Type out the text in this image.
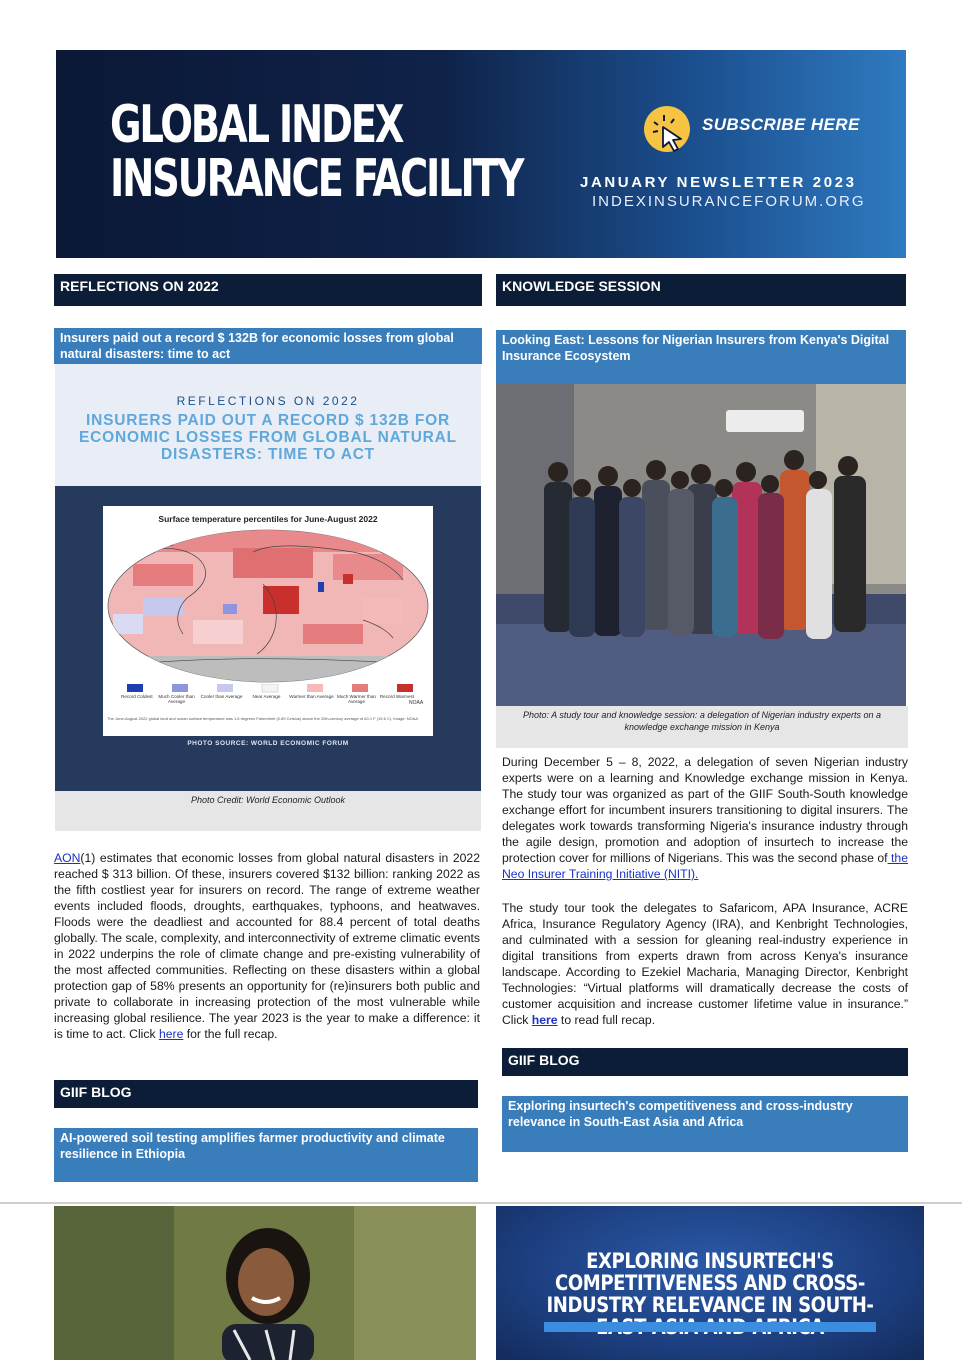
GLOBAL INDEX
INSURANCE FACILITY
SUBSCRIBE HERE
JANUARY NEWSLETTER 2023
INDEXINSURANCEFORUM.ORG
REFLECTIONS ON 2022
Insurers paid out a record $ 132B for economic losses from global natural disasters: time to act
REFLECTIONS ON 2022
INSURERS PAID OUT A RECORD $ 132B FOR ECONOMIC LOSSES FROM GLOBAL NATURAL DISASTERS: TIME TO ACT
Surface temperature percentiles for June-August 2022
Record Coldest	Much Cooler than Average
Cooler than Average	Near Average	Warmer than Average Much Warmer than Average
Record Warmest
NOAA
The June-August 2022 global land and ocean surface temperature was 1.6 degrees Fahrenheit (0.89 Celsius) above the 20th-century average of 60.1 F (15.6 C). Image: NOAA
PHOTO SOURCE: WORLD ECONOMIC FORUM
Photo Credit: World Economic Outlook
AON(1) estimates that economic losses from global natural disasters in 2022 reached $ 313 billion. Of these, insurers covered $132 billion: ranking 2022 as the fifth costliest year for insurers on record. The range of extreme weather events included floods, droughts, earthquakes, typhoons, and heatwaves. Floods were the deadliest and accounted for 88.4 percent of total deaths globally. The scale, complexity, and interconnectivity of extreme climatic events in 2022 underpins the role of climate change and pre-existing vulnerability of the most affected communities. Reflecting on these disasters within a global protection gap of 58% presents an opportunity for (re)insurers both public and private to collaborate in increasing protection of the most vulnerable while increasing global resilience. The year 2023 is the year to make a difference: it is time to act. Click here for the full recap.
GIIF BLOG
AI-powered soil testing amplifies farmer productivity and climate resilience in Ethiopia
KNOWLEDGE SESSION
Looking East: Lessons for Nigerian Insurers from Kenya's Digital Insurance Ecosystem
Photo: A study tour and knowledge session: a delegation of Nigerian industry experts on a knowledge exchange mission in Kenya
During December 5 – 8, 2022, a delegation of seven Nigerian industry experts were on a learning and Knowledge exchange mission in Kenya. The study tour was organized as part of the GIIF South-South knowledge exchange effort for incumbent insurers transitioning to digital insurers. The delegates work towards transforming Nigeria's insurance industry through the agile design, promotion and adoption of insurtech to increase the protection cover for millions of Nigerians. This was the second phase of the Neo Insurer Training Initiative (NITI).
The study tour took the delegates to Safaricom, APA Insurance, ACRE Africa, Insurance Regulatory Agency (IRA), and Kenbright Technologies, and culminated with a session for gleaning real-industry experience in digital transitions from experts drawn from across Kenya's insurance landscape. According to Ezekiel Macharia, Managing Director, Kenbright Technologies: “Virtual platforms will dramatically decrease the costs of customer acquisition and increase customer lifetime value in insurance.” Click here to read full recap.
GIIF BLOG
Exploring insurtech's competitiveness and cross-industry relevance in South-East Asia and Africa
EXPLORING INSURTECH'S COMPETITIVENESS AND CROSS-INDUSTRY RELEVANCE IN SOUTH-
